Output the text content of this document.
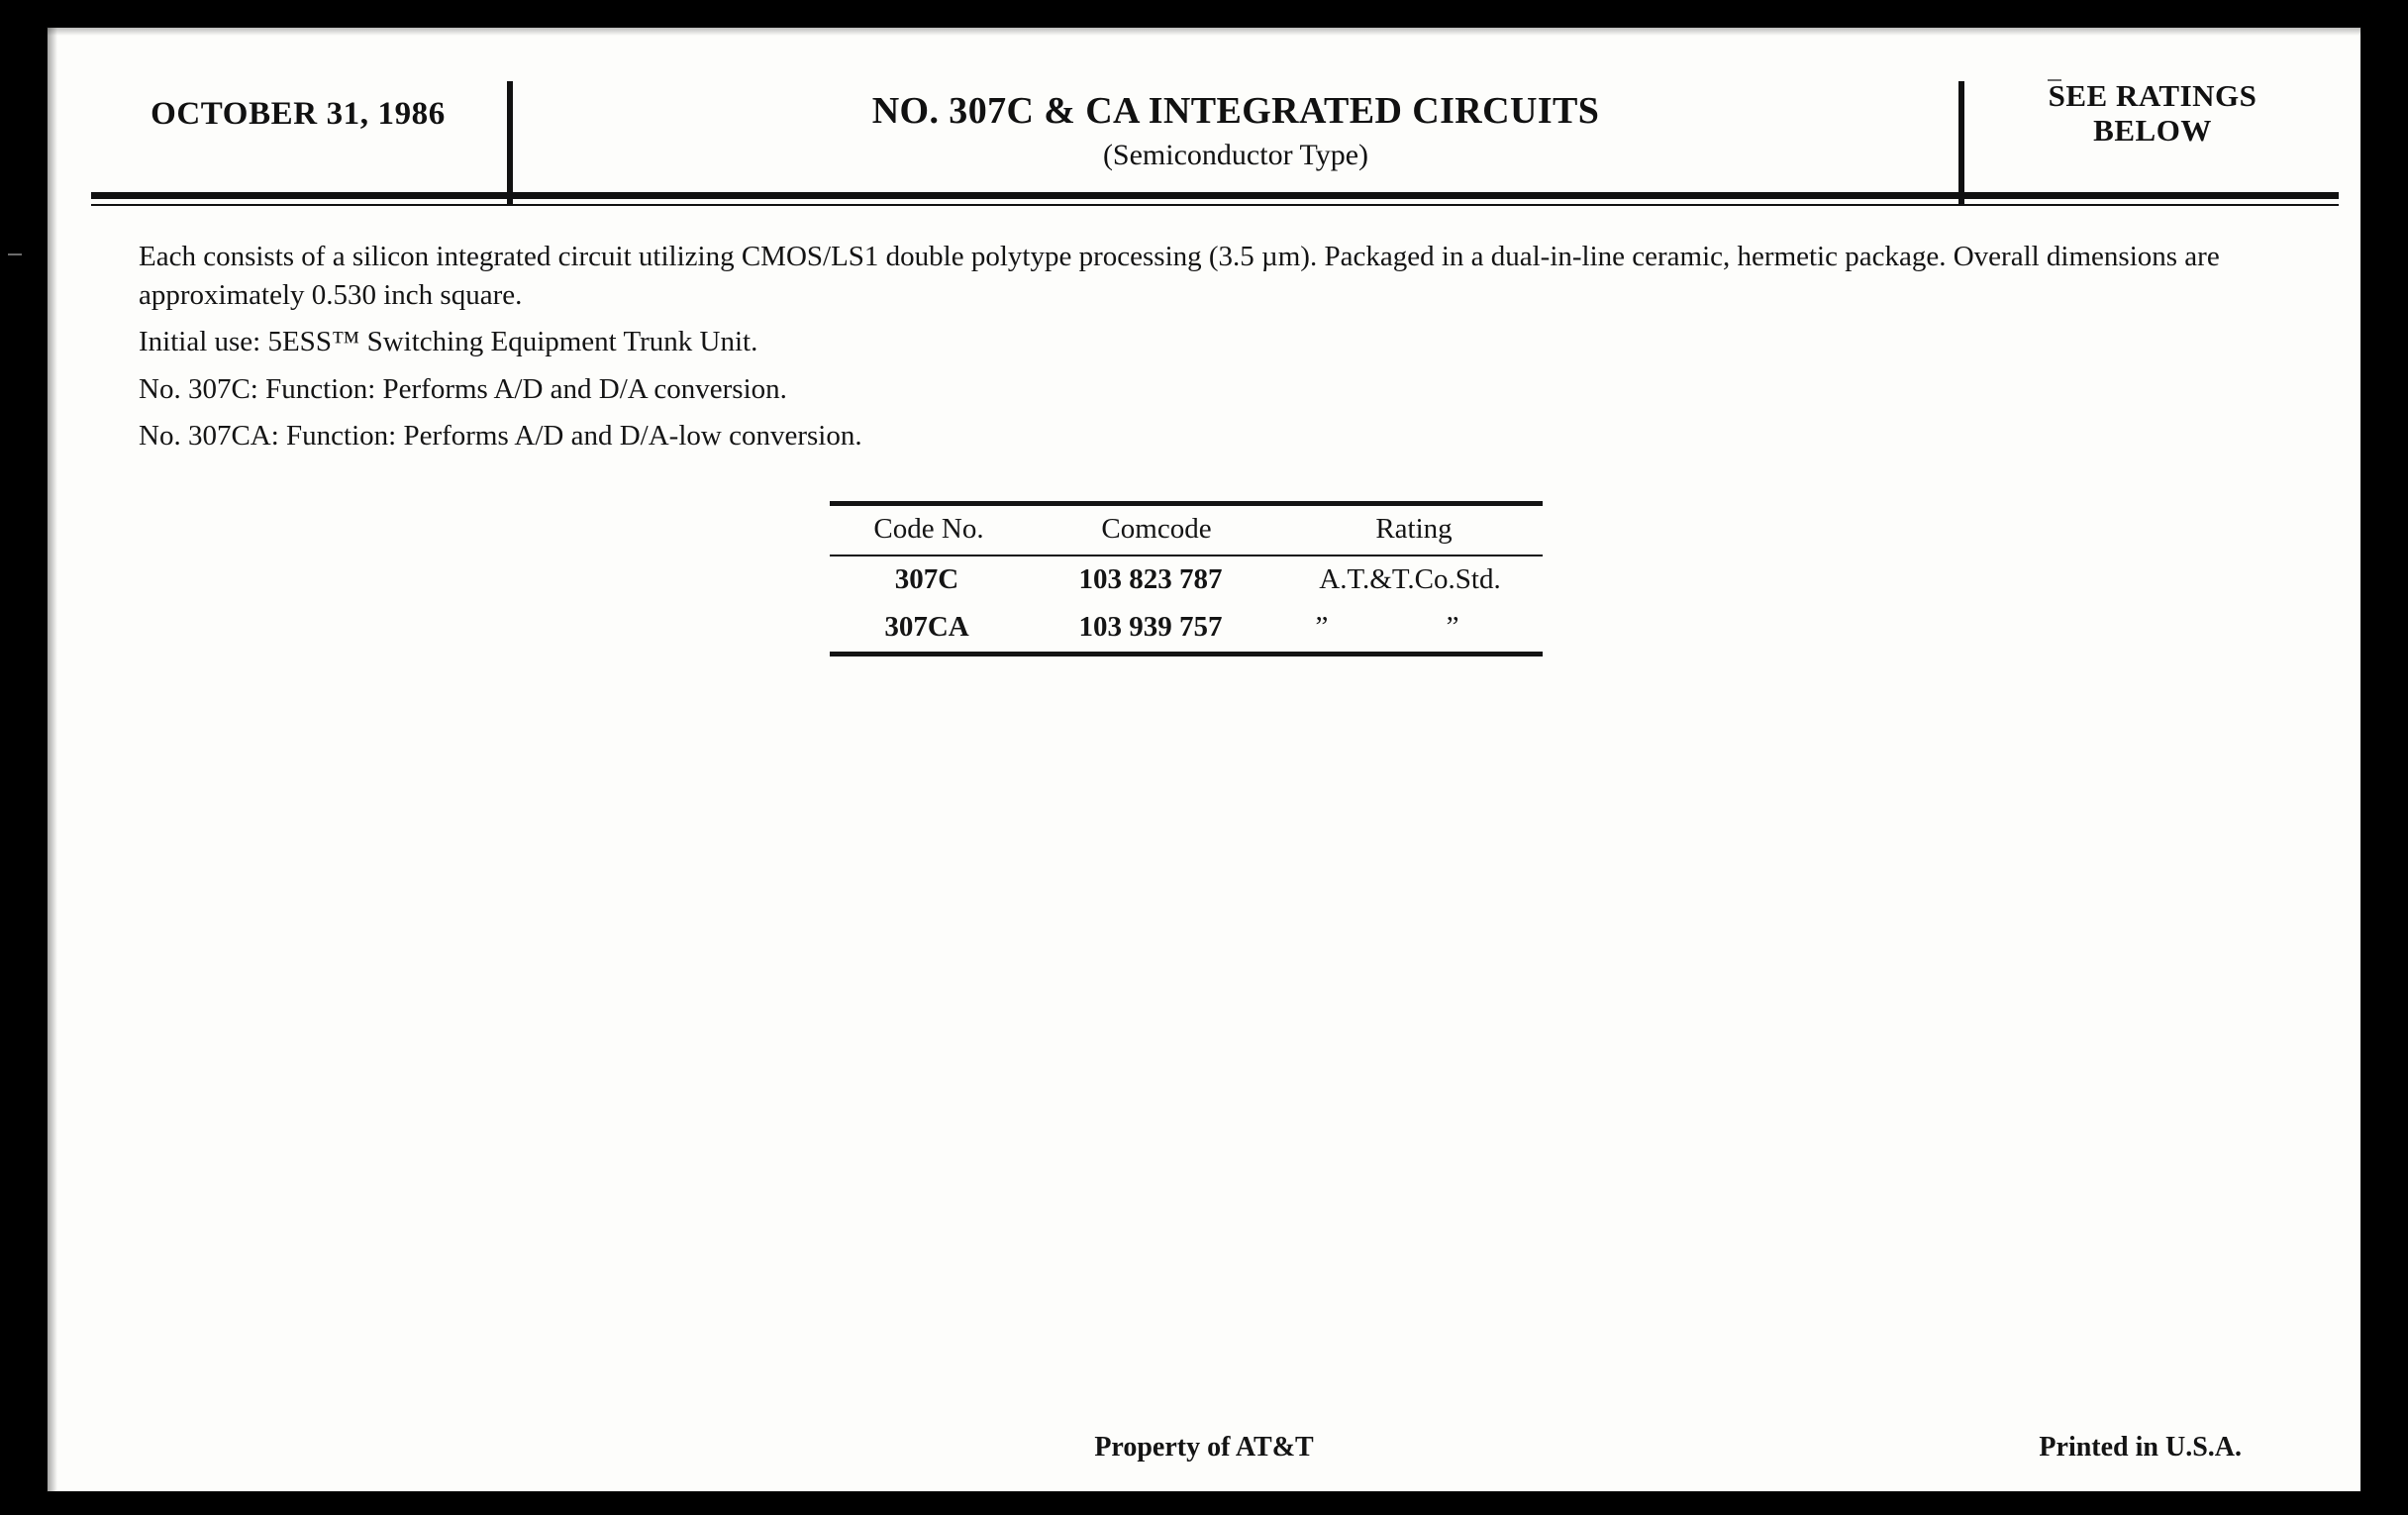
OCTOBER 31, 1986	NO. 307C & CA INTEGRATED CIRCUITS
(Semiconductor Type)
SEE RATINGS
BELOW

Each consists of a silicon integrated circuit utilizing CMOS/LS1 double polytype processing (3.5 µm). Packaged in a dual-in-line ceramic, hermetic package. Overall dimensions are approximately 0.530 inch square.

Initial use: 5ESS™ Switching Equipment Trunk Unit.

No. 307C: Function: Performs A/D and D/A conversion.

No. 307CA: Function: Performs A/D and D/A-low conversion.

Code No.	Comcode	Rating
307C	103 823 787	A.T.&T.Co.Std.
307CA	103 939 757	” ”
Property of AT&T	Printed in U.S.A.
